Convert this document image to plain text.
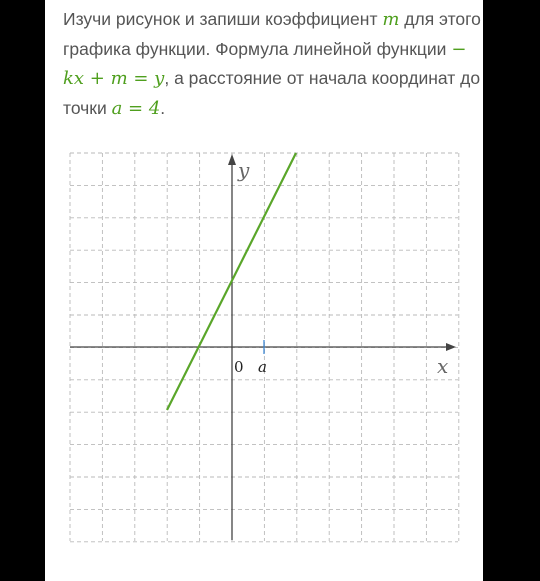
Изучи рисунок и запиши коэффициент m для этого графика функции. Формула линейной функции − kx + m = y, а расстояние от начала координат до точки a = 4.

y
x
0 a
